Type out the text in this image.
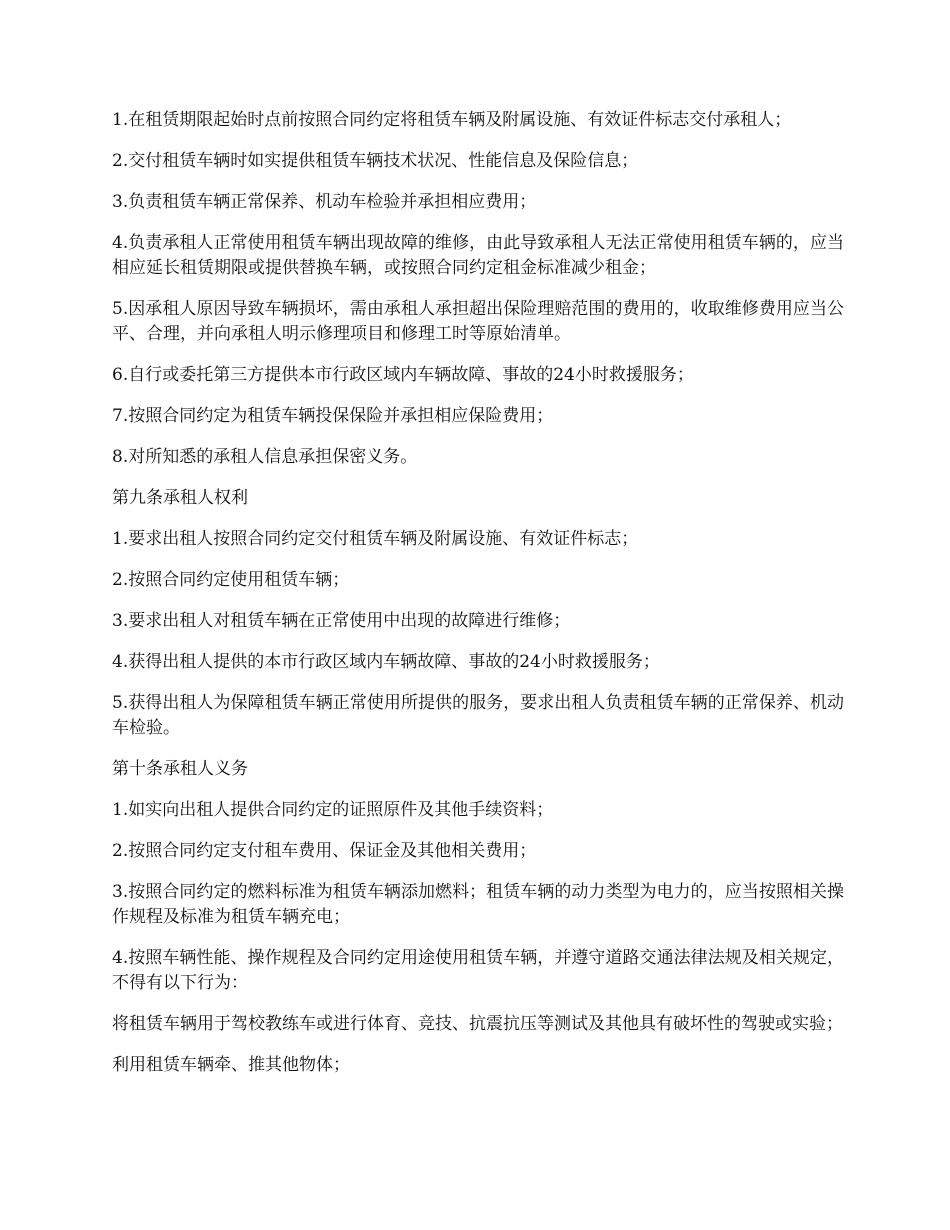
1.在租赁期限起始时点前按照合同约定将租赁车辆及附属设施、有效证件标志交付承租人；

2.交付租赁车辆时如实提供租赁车辆技术状况、性能信息及保险信息；

3.负责租赁车辆正常保养、机动车检验并承担相应费用；

4.负责承租人正常使用租赁车辆出现故障的维修，由此导致承租人无法正常使用租赁车辆的，应当相应延长租赁期限或提供替换车辆，或按照合同约定租金标准减少租金；

5.因承租人原因导致车辆损坏，需由承租人承担超出保险理赔范围的费用的，收取维修费用应当公平、合理，并向承租人明示修理项目和修理工时等原始清单。

6.自行或委托第三方提供本市行政区域内车辆故障、事故的24小时救援服务；

7.按照合同约定为租赁车辆投保保险并承担相应保险费用；

8.对所知悉的承租人信息承担保密义务。

第九条承租人权利

1.要求出租人按照合同约定交付租赁车辆及附属设施、有效证件标志；

2.按照合同约定使用租赁车辆；

3.要求出租人对租赁车辆在正常使用中出现的故障进行维修；

4.获得出租人提供的本市行政区域内车辆故障、事故的24小时救援服务；

5.获得出租人为保障租赁车辆正常使用所提供的服务，要求出租人负责租赁车辆的正常保养、机动车检验。

第十条承租人义务

1.如实向出租人提供合同约定的证照原件及其他手续资料；

2.按照合同约定支付租车费用、保证金及其他相关费用；

3.按照合同约定的燃料标准为租赁车辆添加燃料；租赁车辆的动力类型为电力的，应当按照相关操作规程及标准为租赁车辆充电；

4.按照车辆性能、操作规程及合同约定用途使用租赁车辆，并遵守道路交通法律法规及相关规定，不得有以下行为：

将租赁车辆用于驾校教练车或进行体育、竞技、抗震抗压等测试及其他具有破坏性的驾驶或实验；

利用租赁车辆牵、推其他物体；
